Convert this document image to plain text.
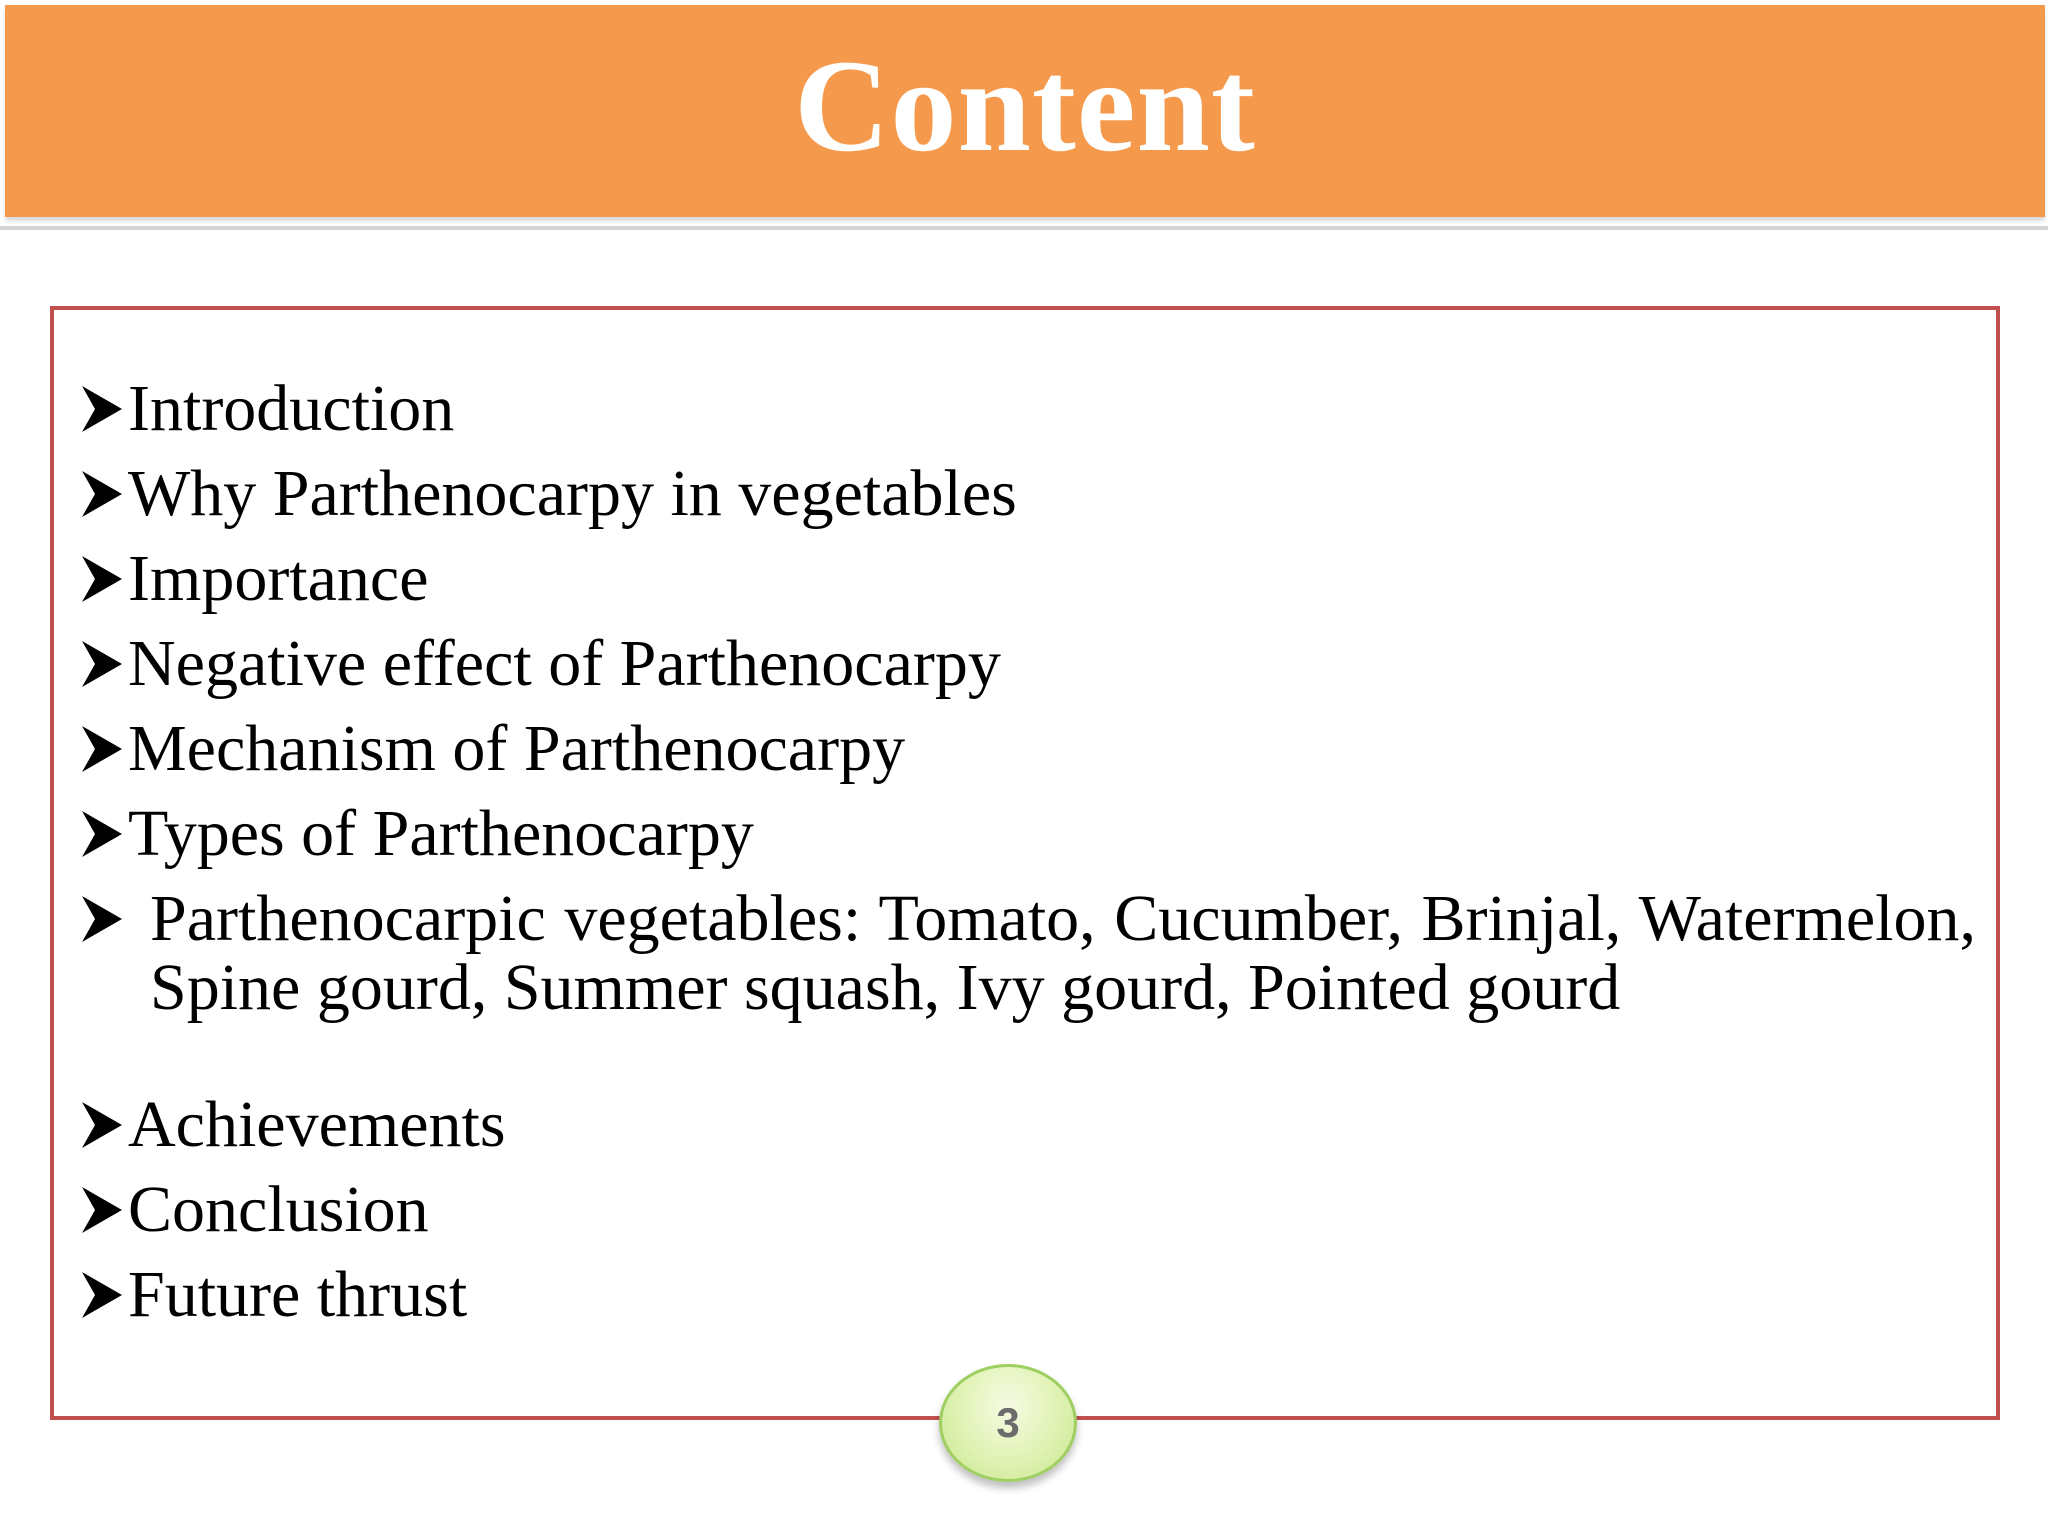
Content
Introduction
Why Parthenocarpy in vegetables
Importance
Negative effect of Parthenocarpy
Mechanism of Parthenocarpy
Types of Parthenocarpy
Parthenocarpic vegetables: Tomato, Cucumber, Brinjal, Watermelon, Spine gourd, Summer squash, Ivy gourd, Pointed gourd
Achievements
Conclusion
Future thrust
3
